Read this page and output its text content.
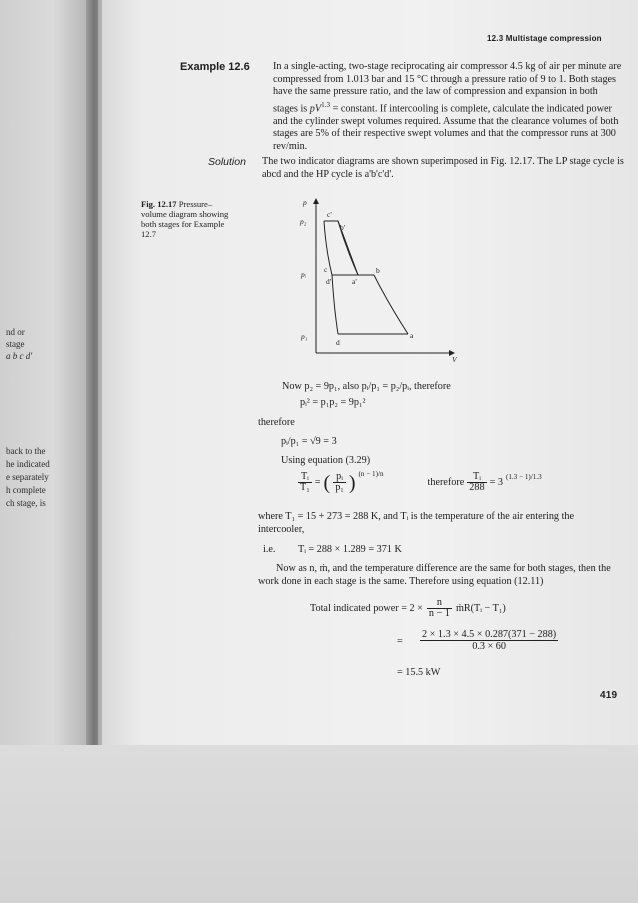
nd or
stage
a b c d'
back to the
he indicated
e separately
h complete
ch stage, is
12.3 Multistage compression
Example 12.6 In a single-acting, two-stage reciprocating air compressor 4.5 kg of air per minute are compressed from 1.013 bar and 15 °C through a pressure ratio of 9 to 1. Both stages have the same pressure ratio, and the law of compression and expansion in both stages is $pV^{1.3}$ = constant. If intercooling is complete, calculate the indicated power and the cylinder swept volumes required. Assume that the clearance volumes of both stages are 5% of their respective swept volumes and that the compressor runs at 300 rev/min.
Solution The two indicator diagrams are shown superimposed in Fig. 12.17. The LP stage cycle is abcd and the HP cycle is a'b'c'd'.
Fig. 12.17 Pressure–volume diagram showing both stages for Example 12.7
p
V
p₂
pᵢ
p₁
c'
b'
c
d'	a'
b
d
a
Now p₂ = 9p₁, also pᵢ/p₁ = p₂/pᵢ, therefore
pᵢ² = p₁p₂ = 9p₁²
therefore
pᵢ/p₁ = √9 = 3
Using equation (3.29)
$\frac{\text{Tᵢ}}{\text{T₁}}$ = ( $\frac{\text{pᵢ}}{\text{p₁}}$ ) $^{(n - 1)/n}$
therefore $\frac{\text{Tᵢ}}{288} = 3$
$^{(1.3 - 1)/1.3}$
where T₁ = 15 + 273 = 288 K, and Tᵢ is the temperature of the air entering the
intercooler,
i.e. Tᵢ = 288 × 1.289 = 371 K
Now as n, ṁ, and the temperature difference are the same for both stages, then the work done in each stage is the same. Therefore using equation (12.11)
Total indicated power = $2 \times \frac{n}{n - 1}$ ṁR(Tᵢ − T₁)
= $\frac{2 \times 1.3 \times 4.5 \times 0.287(371 - 288)}{0.3 \times 60}$
= 15.5 kW
419
